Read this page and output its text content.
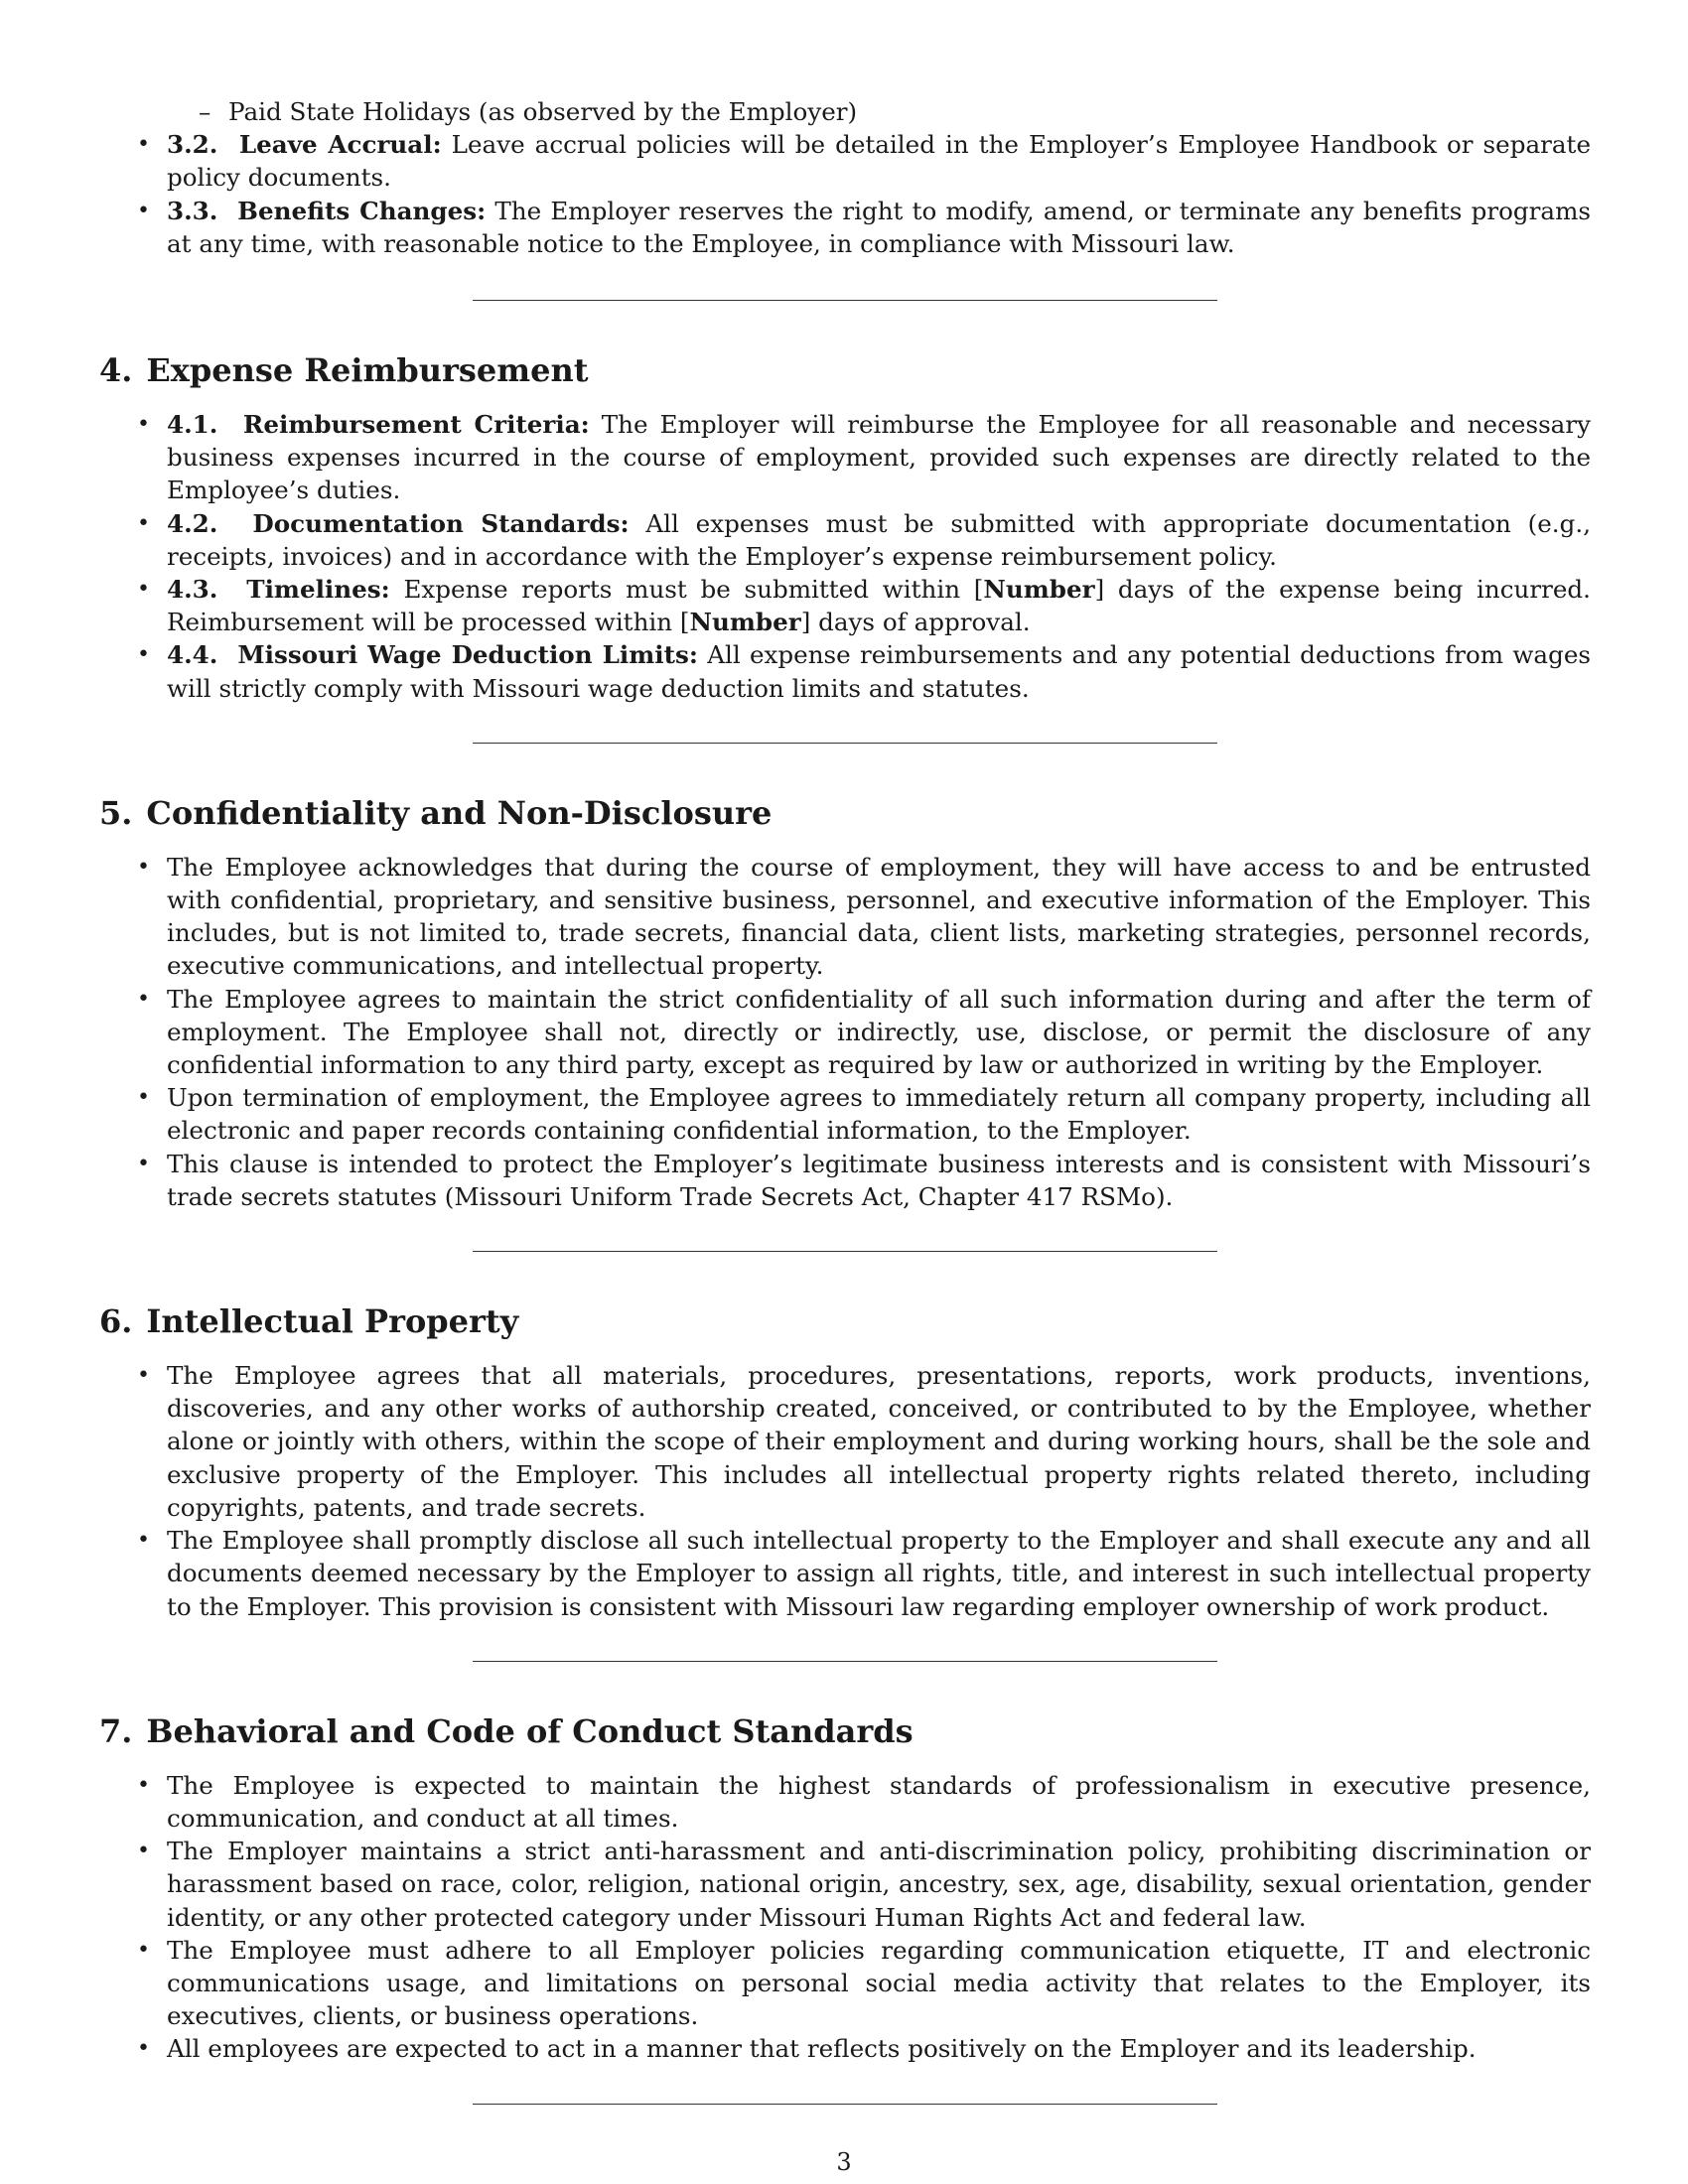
– Paid State Holidays (as observed by the Employer)
• 3.2.  Leave Accrual: Leave accrual policies will be detailed in the Employer’s Employee Handbook or separate policy documents.
• 3.3.  Benefits Changes: The Employer reserves the right to modify, amend, or terminate any benefits programs at any time, with reasonable notice to the Employee, in compliance with Missouri law.
4. Expense Reimbursement
• 4.1.  Reimbursement Criteria: The Employer will reimburse the Employee for all reasonable and necessary business expenses incurred in the course of employment, provided such expenses are directly related to the Employee’s duties.
• 4.2.  Documentation Standards: All expenses must be submitted with appropriate documentation (e.g., receipts, invoices) and in accordance with the Employer’s expense reimbursement policy.
• 4.3.  Timelines: Expense reports must be submitted within [Number] days of the expense being incurred. Reimbursement will be processed within [Number] days of approval.
• 4.4.  Missouri Wage Deduction Limits: All expense reimbursements and any potential deductions from wages will strictly comply with Missouri wage deduction limits and statutes.
5. Confidentiality and Non-Disclosure
• The Employee acknowledges that during the course of employment, they will have access to and be entrusted with confidential, proprietary, and sensitive business, personnel, and executive information of the Employer. This includes, but is not limited to, trade secrets, financial data, client lists, marketing strategies, personnel records, executive communications, and intellectual property.
• The Employee agrees to maintain the strict confidentiality of all such information during and after the term of employment. The Employee shall not, directly or indirectly, use, disclose, or permit the disclosure of any confidential information to any third party, except as required by law or authorized in writing by the Employer.
• Upon termination of employment, the Employee agrees to immediately return all company property, including all electronic and paper records containing confidential information, to the Employer.
• This clause is intended to protect the Employer’s legitimate business interests and is consistent with Missouri’s trade secrets statutes (Missouri Uniform Trade Secrets Act, Chapter 417 RSMo).
6. Intellectual Property
• The Employee agrees that all materials, procedures, presentations, reports, work products, inventions, discoveries, and any other works of authorship created, conceived, or contributed to by the Employee, whether alone or jointly with others, within the scope of their employment and during working hours, shall be the sole and exclusive property of the Employer. This includes all intellectual property rights related thereto, including copyrights, patents, and trade secrets.
• The Employee shall promptly disclose all such intellectual property to the Employer and shall execute any and all documents deemed necessary by the Employer to assign all rights, title, and interest in such intellectual property to the Employer. This provision is consistent with Missouri law regarding employer ownership of work product.
7. Behavioral and Code of Conduct Standards
• The Employee is expected to maintain the highest standards of professionalism in executive presence, communication, and conduct at all times.
• The Employer maintains a strict anti-harassment and anti-discrimination policy, prohibiting discrimination or harassment based on race, color, religion, national origin, ancestry, sex, age, disability, sexual orientation, gender identity, or any other protected category under Missouri Human Rights Act and federal law.
• The Employee must adhere to all Employer policies regarding communication etiquette, IT and electronic communications usage, and limitations on personal social media activity that relates to the Employer, its executives, clients, or business operations.
• All employees are expected to act in a manner that reflects positively on the Employer and its leadership.
3
